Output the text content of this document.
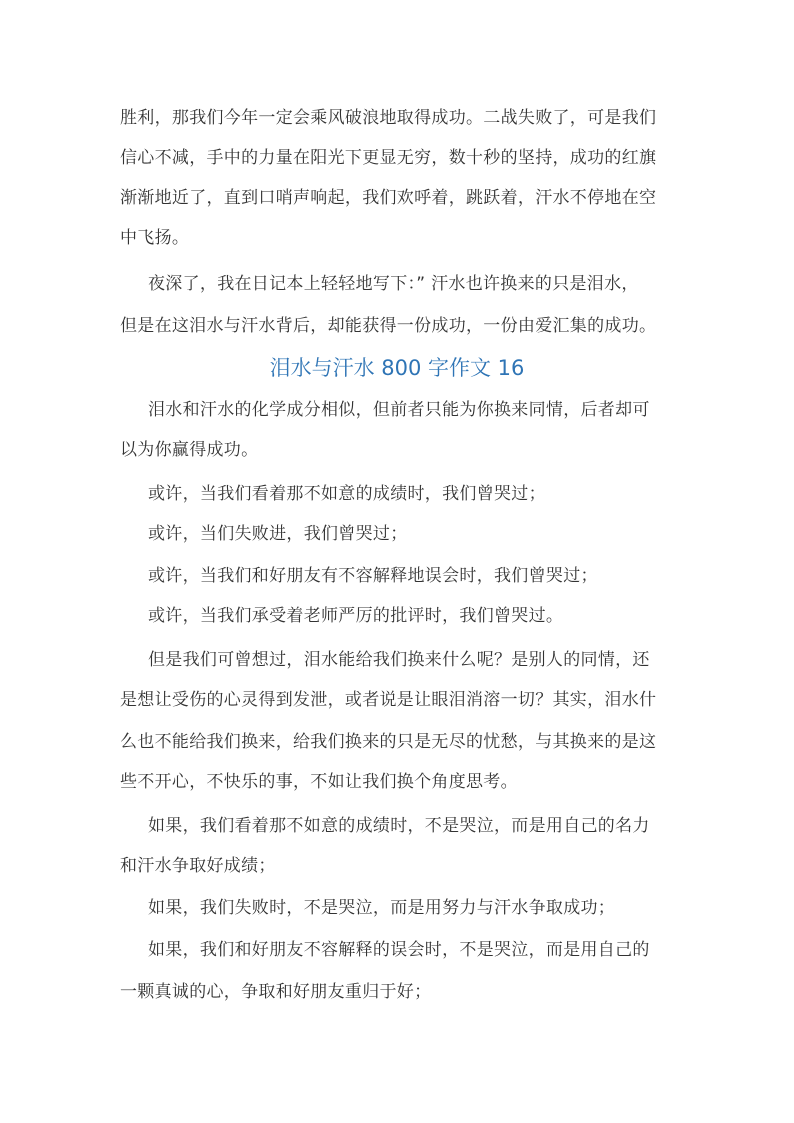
胜利，那我们今年一定会乘风破浪地取得成功。二战失败了，可是我们
信心不减，手中的力量在阳光下更显无穷，数十秒的坚持，成功的红旗
渐渐地近了，直到口哨声响起，我们欢呼着，跳跃着，汗水不停地在空
中飞扬。
夜深了，我在日记本上轻轻地写下：” 汗水也许换来的只是泪水，
但是在这泪水与汗水背后，却能获得一份成功，一份由爱汇集的成功。
泪水与汗水 800 字作文 16
泪水和汗水的化学成分相似，但前者只能为你换来同情，后者却可
以为你赢得成功。
或许，当我们看着那不如意的成绩时，我们曾哭过；
或许，当们失败进，我们曾哭过；
或许，当我们和好朋友有不容解释地误会时，我们曾哭过；
或许，当我们承受着老师严厉的批评时，我们曾哭过。
但是我们可曾想过，泪水能给我们换来什么呢？是别人的同情，还
是想让受伤的心灵得到发泄，或者说是让眼泪消溶一切？其实，泪水什
么也不能给我们换来，给我们换来的只是无尽的忧愁，与其换来的是这
些不开心，不快乐的事，不如让我们换个角度思考。
如果，我们看着那不如意的成绩时，不是哭泣，而是用自己的名力
和汗水争取好成绩；
如果，我们失败时，不是哭泣，而是用努力与汗水争取成功；
如果，我们和好朋友不容解释的误会时，不是哭泣，而是用自己的
一颗真诚的心，争取和好朋友重归于好；
